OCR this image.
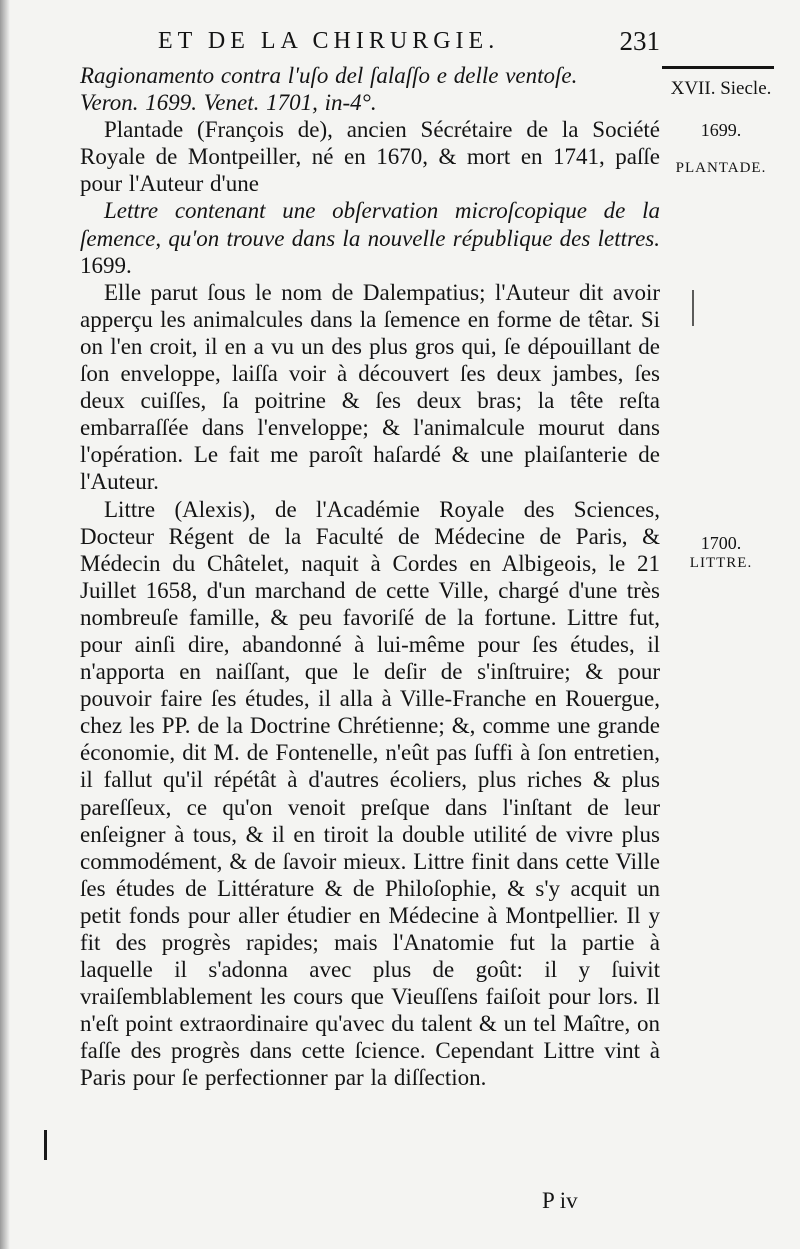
ET DE LA CHIRURGIE.	231

Ragionamento contra l'uſo del ſalaſſo e delle ventoſe.

Veron. 1699. Venet. 1701, in-4°.

Plantade (François de), ancien Sécrétaire de la Société Royale de Montpeiller, né en 1670, & mort en 1741, paſſe pour l'Auteur d'une

Lettre contenant une obſervation microſcopique de la ſemence, qu'on trouve dans la nouvelle république des lettres. 1699.

Elle parut ſous le nom de Dalempatius; l'Auteur dit avoir apperçu les animalcules dans la ſemence en forme de têtar. Si on l'en croit, il en a vu un des plus gros qui, ſe dépouillant de ſon enveloppe, laiſſa voir à découvert ſes deux jambes, ſes deux cuiſſes, ſa poitrine & ſes deux bras; la tête reſta embarraſſée dans l'enveloppe; & l'animalcule mourut dans l'opération. Le fait me paroît haſardé & une plaiſanterie de l'Auteur.

Littre (Alexis), de l'Académie Royale des Sciences, Docteur Régent de la Faculté de Médecine de Paris, & Médecin du Châtelet, naquit à Cordes en Albigeois, le 21 Juillet 1658, d'un marchand de cette Ville, chargé d'une très nombreuſe famille, & peu favoriſé de la fortune. Littre fut, pour ainſi dire, abandonné à lui-même pour ſes études, il n'apporta en naiſſant, que le deſir de s'inſtruire; & pour pouvoir faire ſes études, il alla à Ville-Franche en Rouergue, chez les PP. de la Doctrine Chrétienne; &, comme une grande économie, dit M. de Fontenelle, n'eût pas ſuffi à ſon entretien, il fallut qu'il répétât à d'autres écoliers, plus riches & plus pareſſeux, ce qu'on venoit preſque dans l'inſtant de leur enſeigner à tous, & il en tiroit la double utilité de vivre plus commodément, & de ſavoir mieux. Littre finit dans cette Ville ſes études de Littérature & de Philoſophie, & s'y acquit un petit fonds pour aller étudier en Médecine à Montpellier. Il y fit des progrès rapides; mais l'Anatomie fut la partie à laquelle il s'adonna avec plus de goût: il y ſuivit vraiſemblablement les cours que Vieuſſens faiſoit pour lors. Il n'eſt point extraordinaire qu'avec du talent & un tel Maître, on faſſe des progrès dans cette ſcience. Cependant Littre vint à Paris pour ſe perfectionner par la diſſection.

XVII. Siecle.
1699.
PLANTADE.
1700.
LITTRE.
P iv
